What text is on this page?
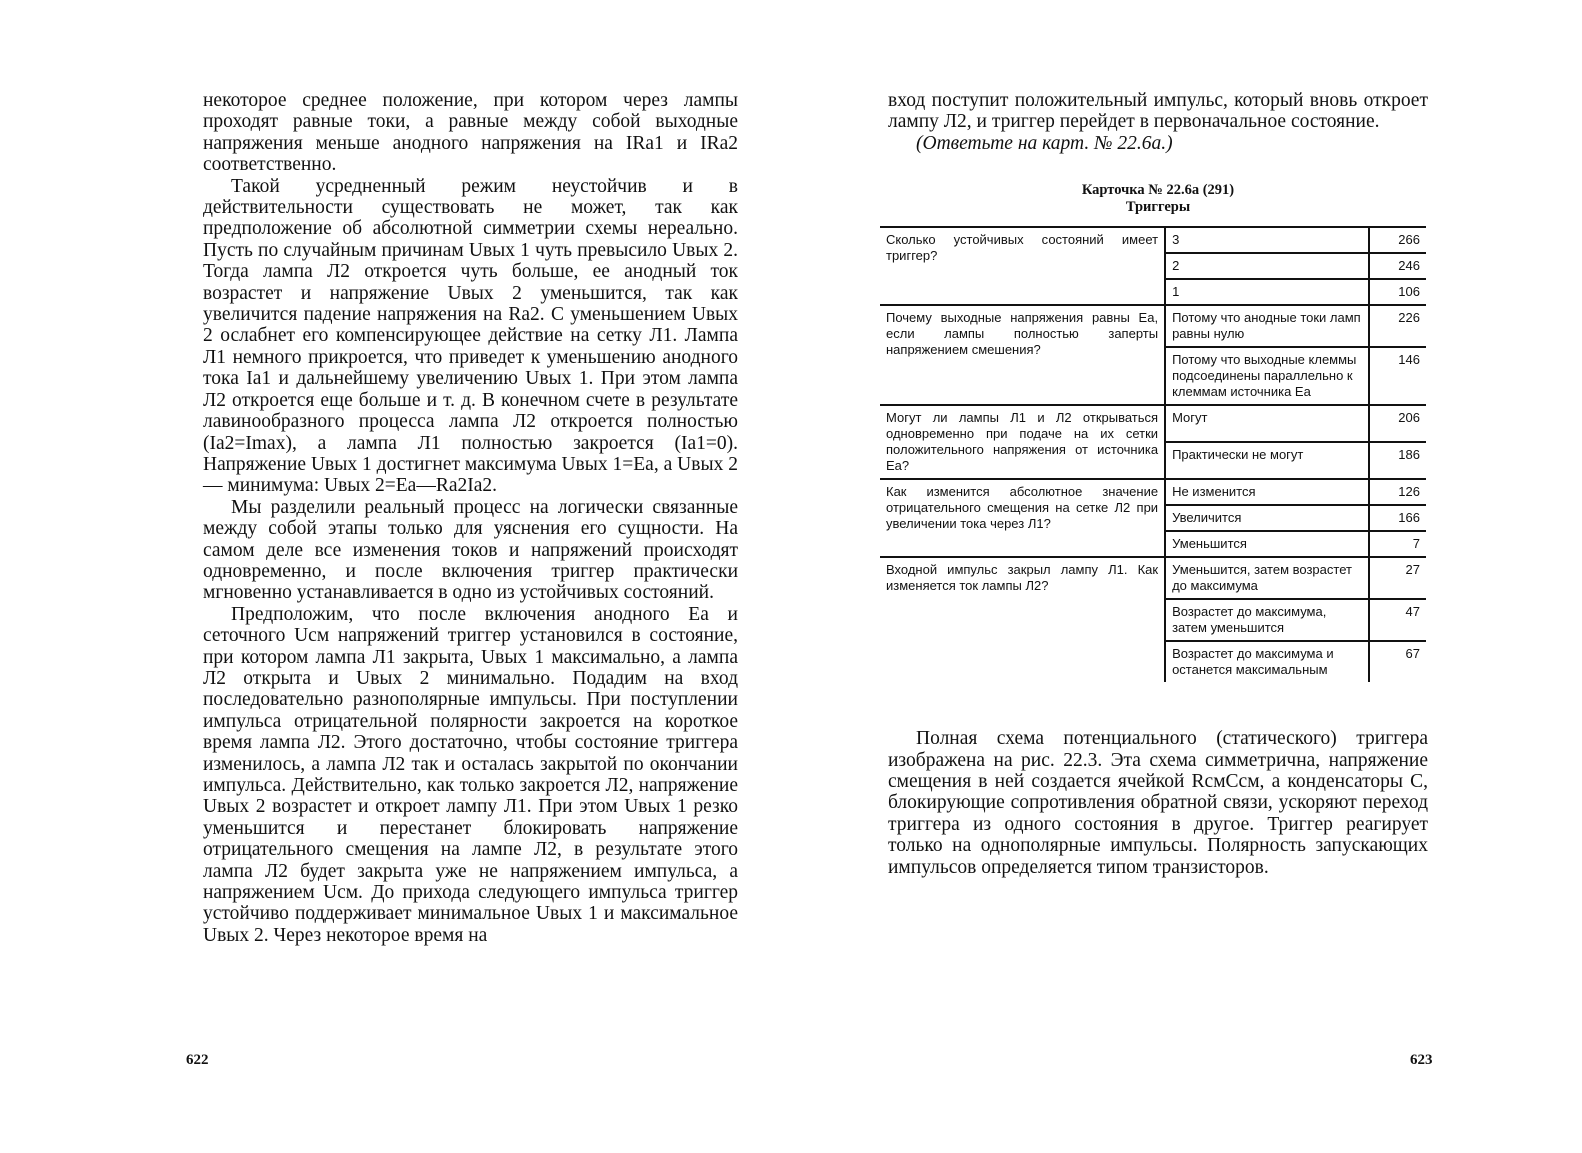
некоторое среднее положение, при котором через лампы проходят равные токи, а равные между собой выходные напряжения меньше анодного напряжения на IRa1 и IRa2 соответственно.

Такой усредненный режим неустойчив и в действительности существовать не может, так как предположение об абсолютной симметрии схемы нереально. Пусть по случайным причинам Uвых 1 чуть превысило Uвых 2. Тогда лампа Л2 откроется чуть больше, ее анодный ток возрастет и напряжение Uвых 2 уменьшится, так как увеличится падение напряжения на Ra2. С уменьшением Uвых 2 ослабнет его компенсирующее действие на сетку Л1. Лампа Л1 немного прикроется, что приведет к уменьшению анодного тока Ia1 и дальнейшему увеличению Uвых 1. При этом лампа Л2 откроется еще больше и т. д. В конечном счете в результате лавинообразного процесса лампа Л2 откроется полностью (Ia2=Imax), а лампа Л1 полностью закроется (Ia1=0). Напряжение Uвых 1 достигнет максимума Uвых 1=Ea, а Uвых 2 — минимума: Uвых 2=Ea—Ra2Ia2.

Мы разделили реальный процесс на логически связанные между собой этапы только для уяснения его сущности. На самом деле все изменения токов и напряжений происходят одновременно, и после включения триггер практически мгновенно устанавливается в одно из устойчивых состояний.

Предположим, что после включения анодного Ea и сеточного Uсм напряжений триггер установился в состояние, при котором лампа Л1 закрыта, Uвых 1 максимально, а лампа Л2 открыта и Uвых 2 минимально. Подадим на вход последовательно разнополярные импульсы. При поступлении импульса отрицательной полярности закроется на короткое время лампа Л2. Этого достаточно, чтобы состояние триггера изменилось, а лампа Л2 так и осталась закрытой по окончании импульса. Действительно, как только закроется Л2, напряжение Uвых 2 возрастет и откроет лампу Л1. При этом Uвых 1 резко уменьшится и перестанет блокировать напряжение отрицательного смещения на лампе Л2, в результате этого лампа Л2 будет закрыта уже не напряжением импульса, а напряжением Uсм. До прихода следующего импульса триггер устойчиво поддерживает минимальное Uвых 1 и максимальное Uвых 2. Через некоторое время на

622

вход поступит положительный импульс, который вновь откроет лампу Л2, и триггер перейдет в первоначальное состояние.

(Ответьте на карт. № 22.6а.)

Карточка № 22.6а (291)
Триггеры
Сколько устойчивых состояний имеет триггер?	3	266
	2	246
	1	106
Почему выходные напряжения равны Ea, если лампы полностью заперты напряжением смешения?	Потому что анодные токи ламп равны нулю	226
	Потому что выходные клеммы подсоединены параллельно к клеммам источника Ea	146
Могут ли лампы Л1 и Л2 открываться одновременно при подаче на их сетки положительного напряжения от источника Ea?	Могут	206
	Практически не могут	186
Как изменится абсолютное значение отрицательного смещения на сетке Л2 при увеличении тока через Л1?	Не изменится	126
	Увеличится	166
	Уменьшится	7
Входной импульс закрыл лампу Л1. Как изменяется ток лампы Л2?	Уменьшится, затем возрастет до максимума	27
	Возрастет до максимума, затем уменьшится	47
	Возрастет до максимума и останется максимальным	67

Полная схема потенциального (статического) триггера изображена на рис. 22.3. Эта схема симметрична, напряжение смещения в ней создается ячейкой RсмCсм, а конденсаторы С, блокирующие сопротивления обратной связи, ускоряют переход триггера из одного состояния в другое. Триггер реагирует только на однополярные импульсы. Полярность запускающих импульсов определяется типом транзисторов.

623
